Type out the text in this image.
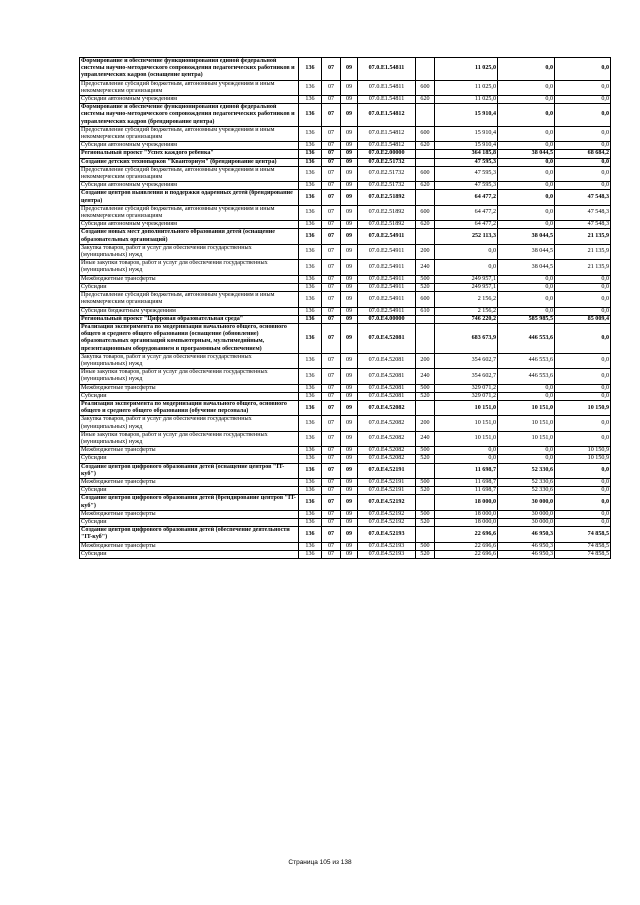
Формирование и обеспечение функционирования единой федеральной системы научно-методического сопровождения педагогических работников и управленческих кадров (оснащение центра)	136	07	09	07.0.Е1.54811		11 025,0	0,0	0,0
Предоставление субсидий бюджетным, автономным учреждениям и иным некоммерческим организациям	136	07	09	07.0.Е1.54811	600	11 025,0	0,0	0,0
Субсидии автономным учреждениям	136	07	09	07.0.Е1.54811	620	11 025,0	0,0	0,0
Формирование и обеспечение функционирования единой федеральной системы научно-методического сопровождения педагогических работников и управленческих кадров (брендирование центра)	136	07	09	07.0.Е1.54812		15 910,4	0,0	0,0
Предоставление субсидий бюджетным, автономным учреждениям и иным некоммерческим организациям	136	07	09	07.0.Е1.54812	600	15 910,4	0,0	0,0
Субсидии автономным учреждениям	136	07	09	07.0.Е1.54812	620	15 910,4	0,0	0,0
Региональный проект "Успех каждого ребенка"	136	07	09	07.0.Е2.00000		364 185,8	38 044,5	68 684,2
Создание детских технопарков "Кванториум" (брендирование центра)	136	07	09	07.0.Е2.51732		47 595,3	0,0	0,0
Предоставление субсидий бюджетным, автономным учреждениям и иным некоммерческим организациям	136	07	09	07.0.Е2.51732	600	47 595,3	0,0	0,0
Субсидии автономным учреждениям	136	07	09	07.0.Е2.51732	620	47 595,3	0,0	0,0
Создание центров выявления и поддержки одаренных детей (брендирование центра)	136	07	09	07.0.Е2.51892		64 477,2	0,0	47 548,3
Предоставление субсидий бюджетным, автономным учреждениям и иным некоммерческим организациям	136	07	09	07.0.Е2.51892	600	64 477,2	0,0	47 548,3
Субсидии автономным учреждениям	136	07	09	07.0.Е2.51892	620	64 477,2	0,0	47 548,3
Создание новых мест дополнительного образования детей (оснащение образовательных организаций)	136	07	09	07.0.Е2.54911		252 113,3	38 044,5	21 135,9
Закупка товаров, работ и услуг для обеспечения государственных (муниципальных) нужд	136	07	09	07.0.Е2.54911	200	0,0	38 044,5	21 135,9
Иные закупки товаров, работ и услуг для обеспечения государственных (муниципальных) нужд	136	07	09	07.0.Е2.54911	240	0,0	38 044,5	21 135,9
Межбюджетные трансферты	136	07	09	07.0.Е2.54911	500	249 957,1	0,0	0,0
Субсидии	136	07	09	07.0.Е2.54911	520	249 957,1	0,0	0,0
Предоставление субсидий бюджетным, автономным учреждениям и иным некоммерческим организациям	136	07	09	07.0.Е2.54911	600	2 156,2	0,0	0,0
Субсидии бюджетным учреждениям	136	07	09	07.0.Е2.54911	610	2 156,2	0,0	0,0
Региональный проект "Цифровая образовательная среда"	136	07	09	07.0.Е4.00000		746 220,2	585 985,5	85 009,4
Реализация эксперимента по модернизации начального общего, основного общего и среднего общего образования (оснащение (обновление) образовательных организаций компьютерным, мультимедийным, презентационным оборудованием и программным обеспечением)	136	07	09	07.0.Е4.52081		683 673,9	446 553,6	0,0
Закупка товаров, работ и услуг для обеспечения государственных (муниципальных) нужд	136	07	09	07.0.Е4.52081	200	354 602,7	446 553,6	0,0
Иные закупки товаров, работ и услуг для обеспечения государственных (муниципальных) нужд	136	07	09	07.0.Е4.52081	240	354 602,7	446 553,6	0,0
Межбюджетные трансферты	136	07	09	07.0.Е4.52081	500	329 071,2	0,0	0,0
Субсидии	136	07	09	07.0.Е4.52081	520	329 071,2	0,0	0,0
Реализация эксперимента по модернизации начального общего, основного общего и среднего общего образования (обучение персонала)	136	07	09	07.0.Е4.52082		10 151,0	10 151,0	10 150,9
Закупка товаров, работ и услуг для обеспечения государственных (муниципальных) нужд	136	07	09	07.0.Е4.52082	200	10 151,0	10 151,0	0,0
Иные закупки товаров, работ и услуг для обеспечения государственных (муниципальных) нужд	136	07	09	07.0.Е4.52082	240	10 151,0	10 151,0	0,0
Межбюджетные трансферты	136	07	09	07.0.Е4.52082	500	0,0	0,0	10 150,9
Субсидии	136	07	09	07.0.Е4.52082	520	0,0	0,0	10 150,9
Создание центров цифрового образования детей (оснащение центров "IT-куб")	136	07	09	07.0.Е4.52191		11 698,7	52 330,6	0,0
Межбюджетные трансферты	136	07	09	07.0.Е4.52191	500	11 698,7	52 330,6	0,0
Субсидии	136	07	09	07.0.Е4.52191	520	11 698,7	52 330,6	0,0
Создание центров цифрового образования детей (брендирование центров "IT-куб")	136	07	09	07.0.Е4.52192		18 000,0	30 000,0	0,0
Межбюджетные трансферты	136	07	09	07.0.Е4.52192	500	18 000,0	30 000,0	0,0
Субсидии	136	07	09	07.0.Е4.52192	520	18 000,0	30 000,0	0,0
Создание центров цифрового образования детей (обеспечение деятельности "IT-куб")	136	07	09	07.0.Е4.52193		22 696,6	46 950,3	74 858,5
Межбюджетные трансферты	136	07	09	07.0.Е4.52193	500	22 696,6	46 950,3	74 858,5
Субсидии	136	07	09	07.0.Е4.52193	520	22 696,6	46 950,3	74 858,5
Страница 105 из 138
